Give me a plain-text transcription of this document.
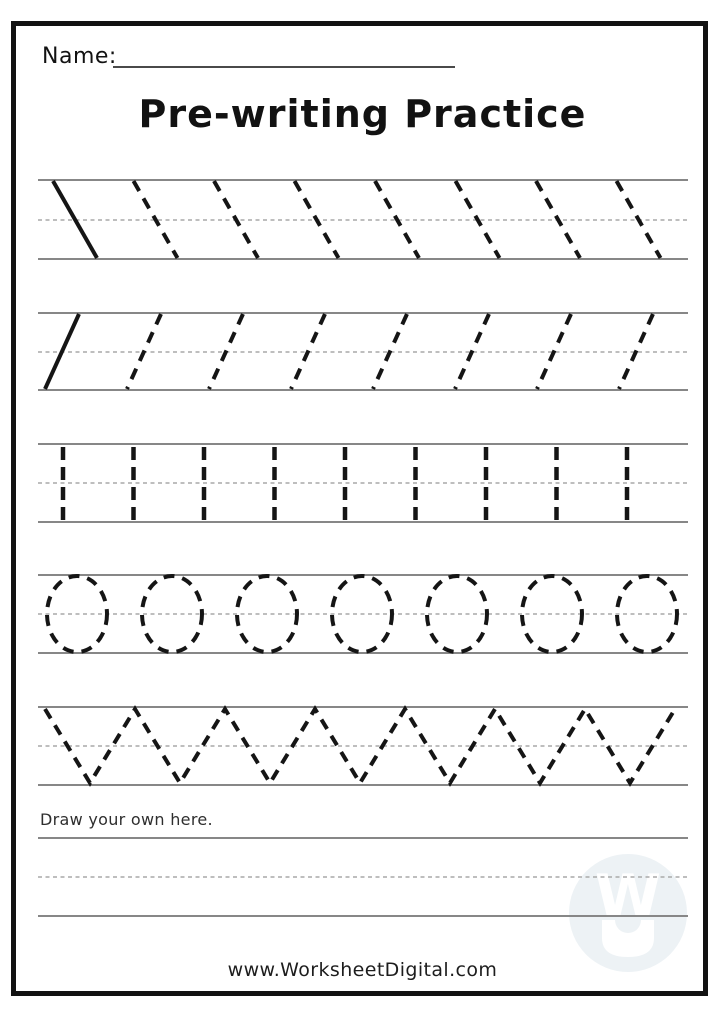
W
Name:
Pre-writing Practice
Draw your own here.
www.WorksheetDigital.com
